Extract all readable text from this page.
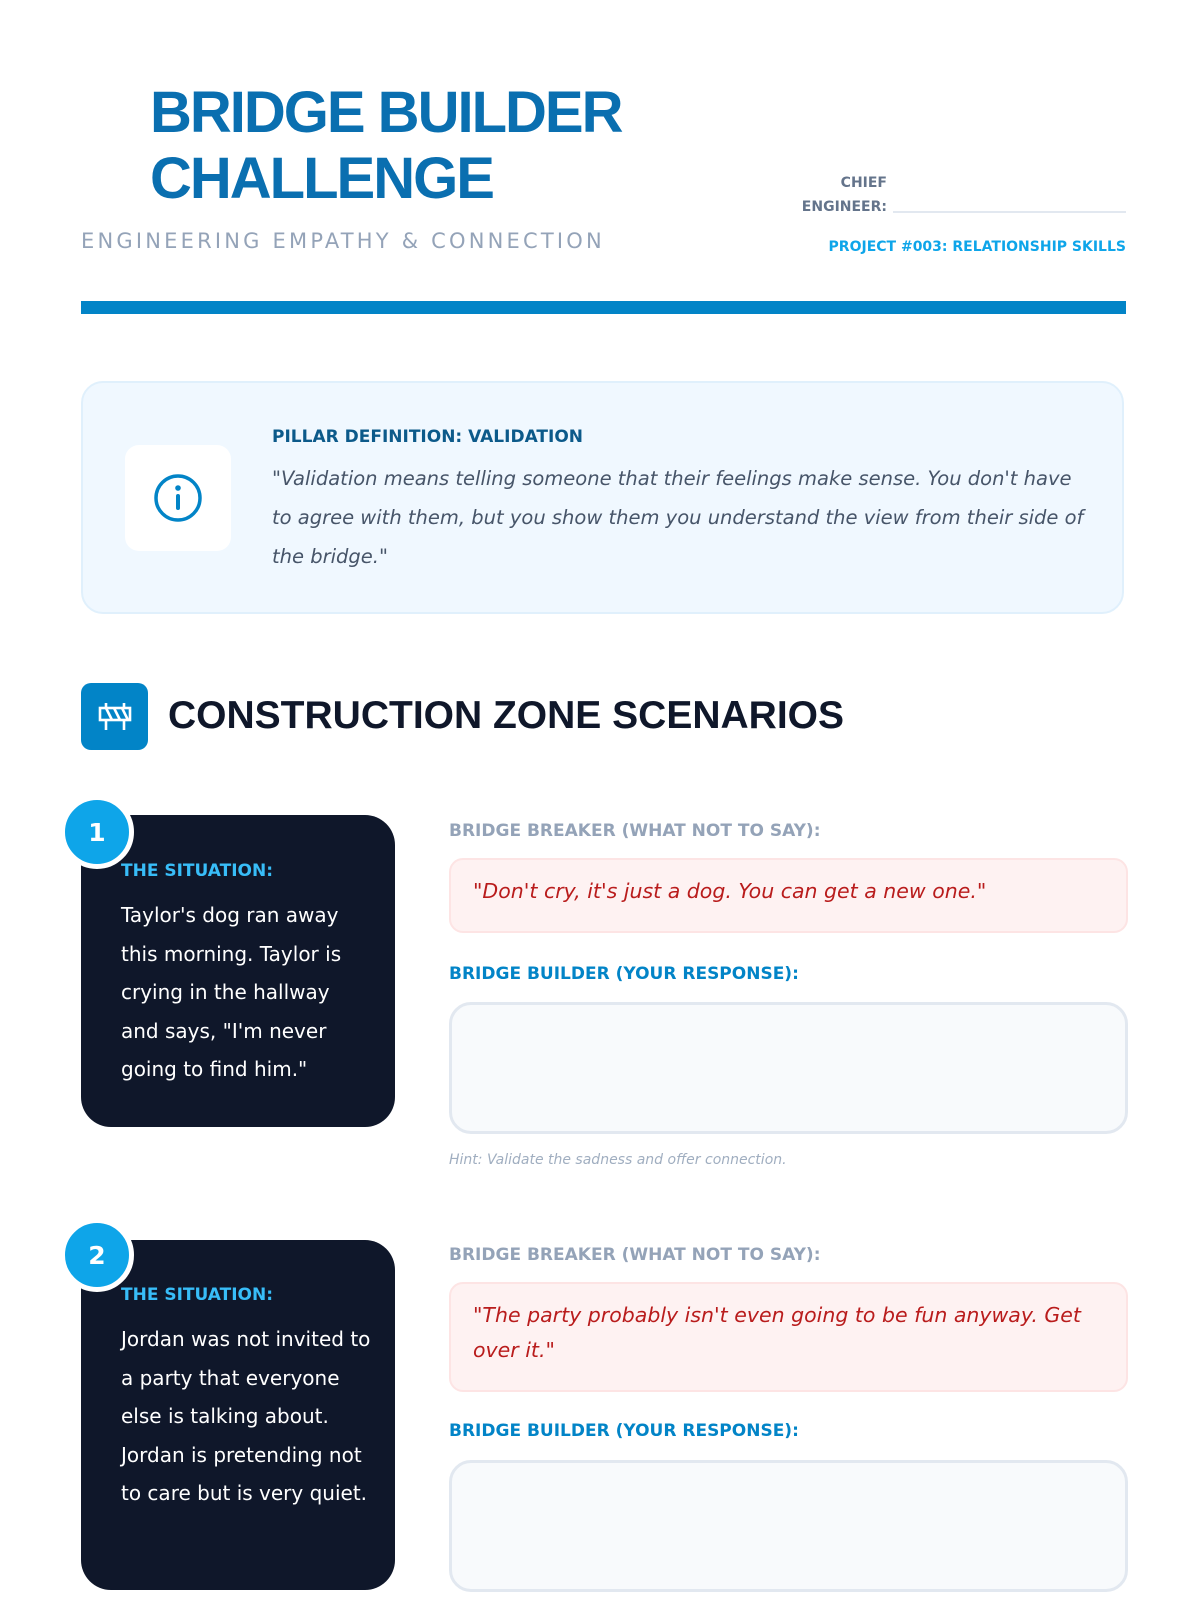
BRIDGE BUILDER
CHALLENGE
ENGINEERING EMPATHY & CONNECTION
CHIEF
ENGINEER:
PROJECT #003: RELATIONSHIP SKILLS
PILLAR DEFINITION: VALIDATION
"Validation means telling someone that their feelings make sense. You don't have to agree with them, but you show them you understand the view from their side of the bridge."
CONSTRUCTION ZONE SCENARIOS
1
THE SITUATION:
Taylor's dog ran away this morning. Taylor is crying in the hallway and says, "I'm never going to find him."
BRIDGE BREAKER (WHAT NOT TO SAY):
"Don't cry, it's just a dog. You can get a new one."
BRIDGE BUILDER (YOUR RESPONSE):
Hint: Validate the sadness and offer connection.
2
THE SITUATION:
Jordan was not invited to a party that everyone else is talking about. Jordan is pretending not to care but is very quiet.
BRIDGE BREAKER (WHAT NOT TO SAY):
"The party probably isn't even going to be fun anyway. Get over it."
BRIDGE BUILDER (YOUR RESPONSE):
